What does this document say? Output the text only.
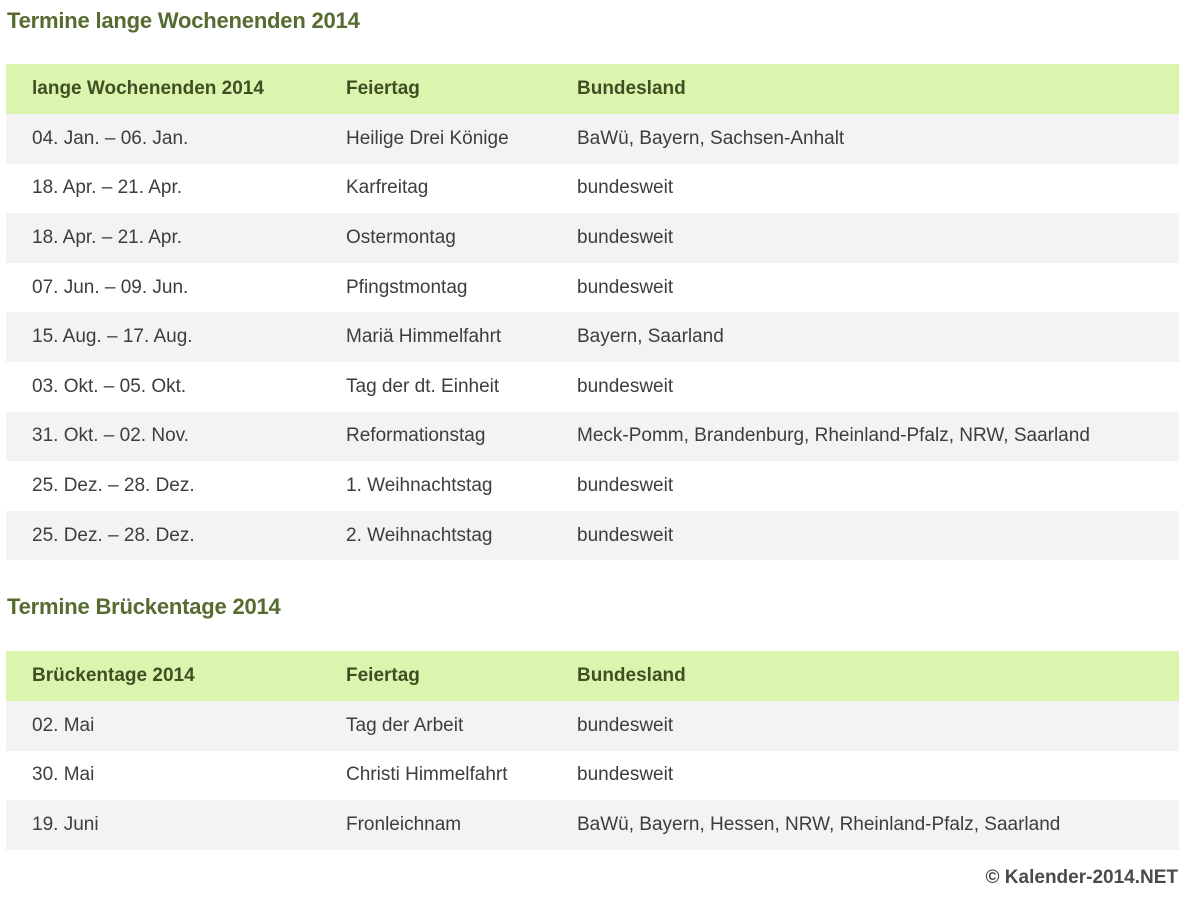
Termine lange Wochenenden 2014
lange Wochenenden 2014	Feiertag	Bundesland
04. Jan. – 06. Jan.	Heilige Drei Könige	BaWü, Bayern, Sachsen-Anhalt
18. Apr. – 21. Apr.	Karfreitag	bundesweit
18. Apr. – 21. Apr.	Ostermontag	bundesweit
07. Jun. – 09. Jun.	Pfingstmontag	bundesweit
15. Aug. – 17. Aug.	Mariä Himmelfahrt	Bayern, Saarland
03. Okt. – 05. Okt.	Tag der dt. Einheit	bundesweit
31. Okt. – 02. Nov.	Reformationstag	Meck-Pomm, Brandenburg, Rheinland-Pfalz, NRW, Saarland
25. Dez. – 28. Dez.	1. Weihnachtstag	bundesweit
25. Dez. – 28. Dez.	2. Weihnachtstag	bundesweit
Termine Brückentage 2014
Brückentage 2014	Feiertag	Bundesland
02. Mai	Tag der Arbeit	bundesweit
30. Mai	Christi Himmelfahrt	bundesweit
19. Juni	Fronleichnam	BaWü, Bayern, Hessen, NRW, Rheinland-Pfalz, Saarland
© Kalender-2014.NET
